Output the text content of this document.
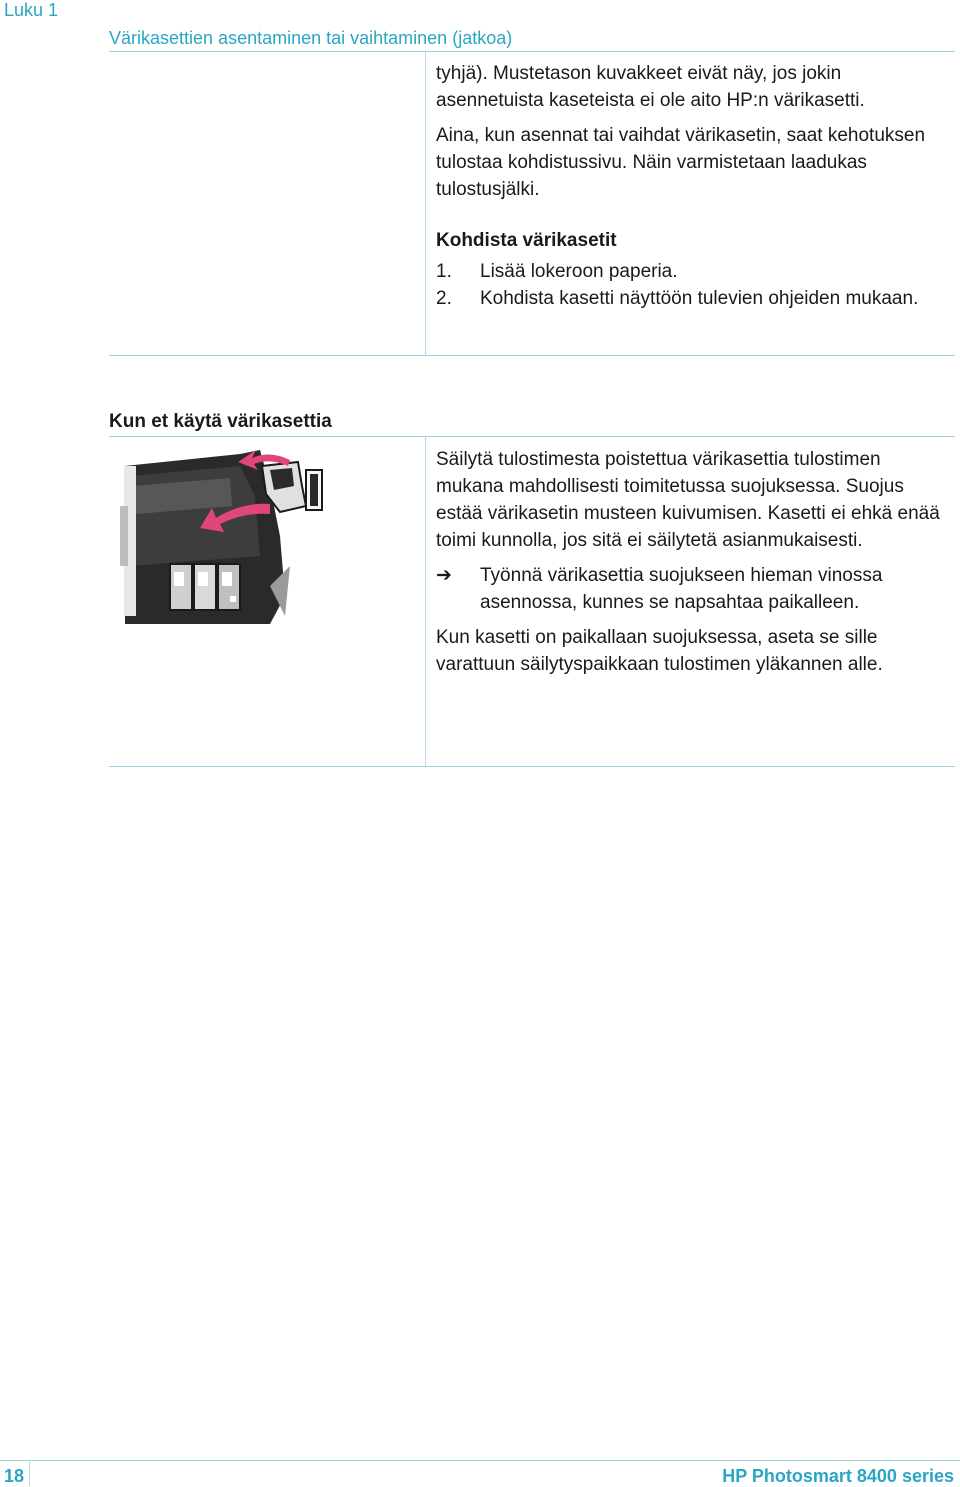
Luku 1
Värikasettien asentaminen tai vaihtaminen (jatkoa)

tyhjä). Mustetason kuvakkeet eivät näy, jos jokin asennetuista kaseteista ei ole aito HP:n värikasetti.

Aina, kun asennat tai vaihdat värikasetin, saat kehotuksen tulostaa kohdistussivu. Näin varmistetaan laadukas tulostusjälki.

Kohdista värikasetit
1. Lisää lokeroon paperia.
2. Kohdista kasetti näyttöön tulevien ohjeiden mukaan.
Kun et käytä värikasettia

Säilytä tulostimesta poistettua värikasettia tulostimen mukana mahdollisesti toimitetussa suojuksessa. Suojus estää värikasetin musteen kuivumisen. Kasetti ei ehkä enää toimi kunnolla, jos sitä ei säilytetä asianmukaisesti.

➔ Työnnä värikasettia suojukseen hieman vinossa asennossa, kunnes se napsahtaa paikalleen.

Kun kasetti on paikallaan suojuksessa, aseta se sille varattuun säilytyspaikkaan tulostimen yläkannen alle.

18	HP Photosmart 8400 series
